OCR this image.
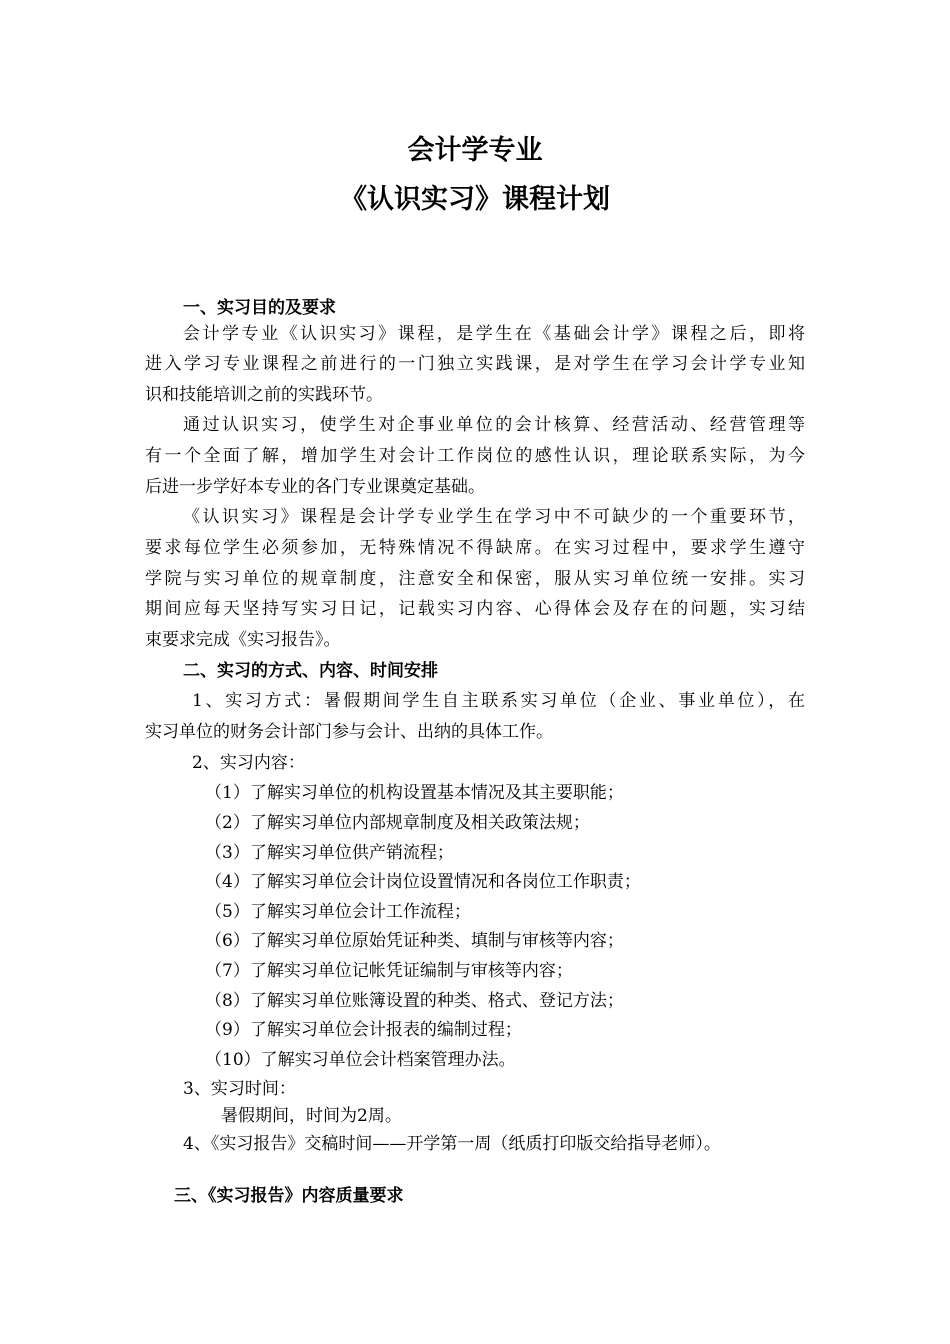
会计学专业
《认识实习》课程计划
一、实习目的及要求
会计学专业《认识实习》课程，是学生在《基础会计学》课程之后，即将
进入学习专业课程之前进行的一门独立实践课，是对学生在学习会计学专业知
识和技能培训之前的实践环节。
通过认识实习，使学生对企事业单位的会计核算、经营活动、经营管理等
有一个全面了解，增加学生对会计工作岗位的感性认识，理论联系实际，为今
后进一步学好本专业的各门专业课奠定基础。
《认识实习》课程是会计学专业学生在学习中不可缺少的一个重要环节，
要求每位学生必须参加，无特殊情况不得缺席。在实习过程中，要求学生遵守
学院与实习单位的规章制度，注意安全和保密，服从实习单位统一安排。实习
期间应每天坚持写实习日记，记载实习内容、心得体会及存在的问题，实习结
束要求完成《实习报告》。
二、实习的方式、内容、时间安排
1、实习方式：暑假期间学生自主联系实习单位（企业、事业单位），在
实习单位的财务会计部门参与会计、出纳的具体工作。
2、实习内容：
（1）了解实习单位的机构设置基本情况及其主要职能；
（2）了解实习单位内部规章制度及相关政策法规；
（3）了解实习单位供产销流程；
（4）了解实习单位会计岗位设置情况和各岗位工作职责；
（5）了解实习单位会计工作流程；
（6）了解实习单位原始凭证种类、填制与审核等内容；
（7）了解实习单位记帐凭证编制与审核等内容；
（8）了解实习单位账簿设置的种类、格式、登记方法；
（9）了解实习单位会计报表的编制过程；
（10）了解实习单位会计档案管理办法。
3、实习时间：
暑假期间，时间为2周。
4、《实习报告》交稿时间——开学第一周（纸质打印版交给指导老师）。
三、《实习报告》内容质量要求
